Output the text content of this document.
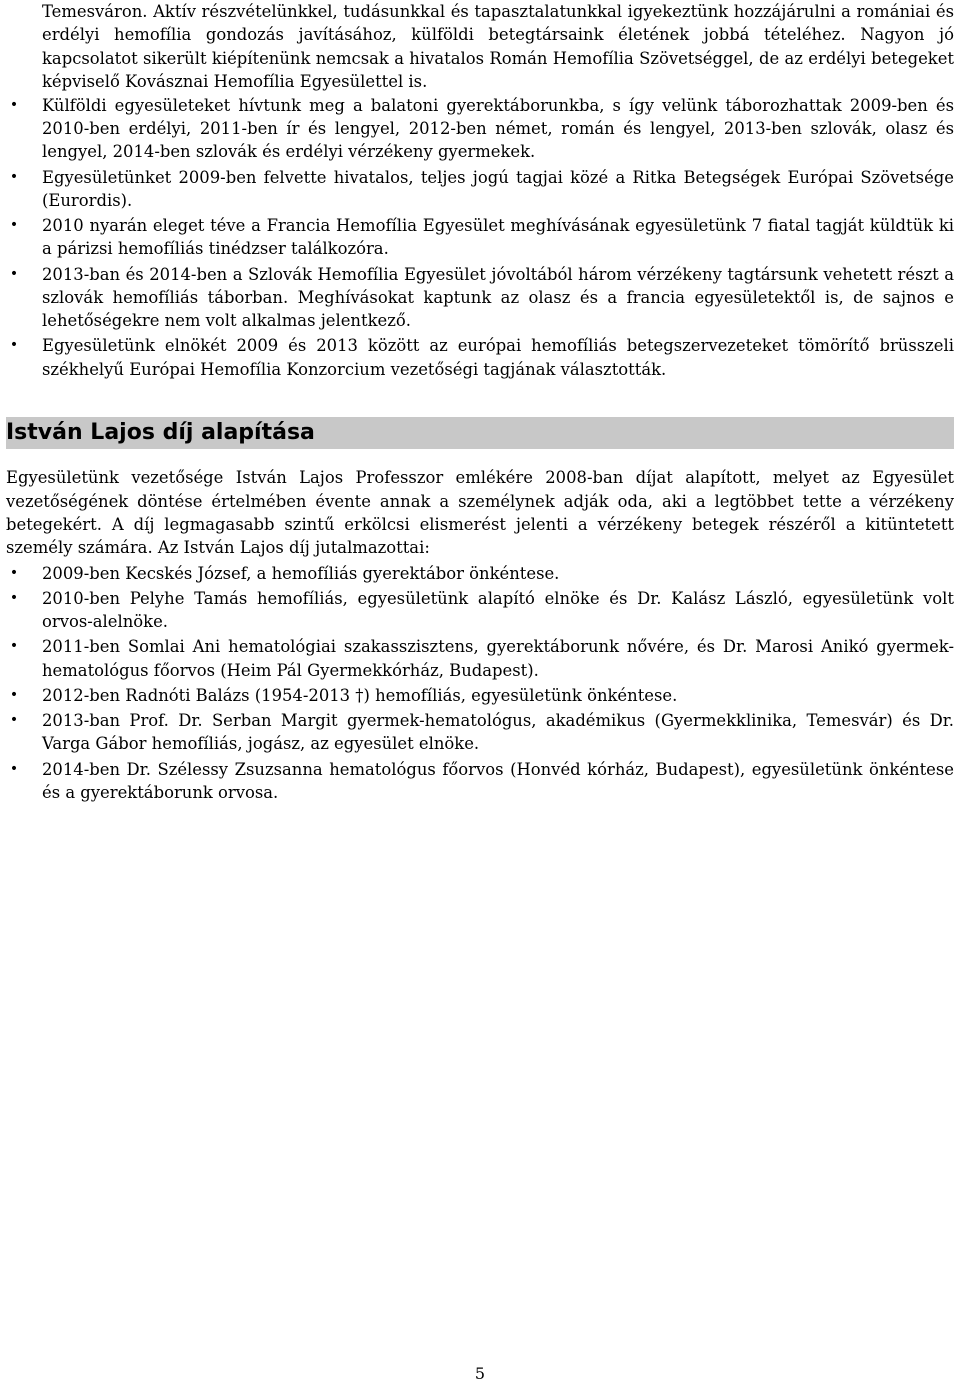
Temesváron. Aktív részvételünkkel, tudásunkkal és tapasztalatunkkal igyekeztünk hozzájárulni a romániai és erdélyi hemofília gondozás javításához, külföldi betegtársaink életének jobbá tételéhez. Nagyon jó kapcsolatot sikerült kiépítenünk nemcsak a hivatalos Román Hemofília Szövetséggel, de az erdélyi betegeket képviselő Kovásznai Hemofília Egyesülettel is.

• Külföldi egyesületeket hívtunk meg a balatoni gyerektáborunkba, s így velünk táborozhattak 2009-ben és 2010-ben erdélyi, 2011-ben ír és lengyel, 2012-ben német, román és lengyel, 2013-ben szlovák, olasz és lengyel, 2014-ben szlovák és erdélyi vérzékeny gyermekek.
• Egyesületünket 2009-ben felvette hivatalos, teljes jogú tagjai közé a Ritka Betegségek Európai Szövetsége (Eurordis).
• 2010 nyarán eleget téve a Francia Hemofília Egyesület meghívásának egyesületünk 7 fiatal tagját küldtük ki a párizsi hemofíliás tinédzser találkozóra.
• 2013-ban és 2014-ben a Szlovák Hemofília Egyesület jóvoltából három vérzékeny tagtársunk vehetett részt a szlovák hemofíliás táborban. Meghívásokat kaptunk az olasz és a francia egyesületektől is, de sajnos e lehetőségekre nem volt alkalmas jelentkező.
• Egyesületünk elnökét 2009 és 2013 között az európai hemofíliás betegszervezeteket tömörítő brüsszeli székhelyű Európai Hemofília Konzorcium vezetőségi tagjának választották.
István Lajos díj alapítása

Egyesületünk vezetősége István Lajos Professzor emlékére 2008-ban díjat alapított, melyet az Egyesület vezetőségének döntése értelmében évente annak a személynek adják oda, aki a legtöbbet tette a vérzékeny betegekért. A díj legmagasabb szintű erkölcsi elismerést jelenti a vérzékeny betegek részéről a kitüntetett személy számára. Az István Lajos díj jutalmazottai:

• 2009-ben Kecskés József, a hemofíliás gyerektábor önkéntese.
• 2010-ben Pelyhe Tamás hemofíliás, egyesületünk alapító elnöke és Dr. Kalász László, egyesületünk volt orvos-alelnöke.
• 2011-ben Somlai Ani hematológiai szakasszisztens, gyerektáborunk nővére, és Dr. Marosi Anikó gyermek-hematológus főorvos (Heim Pál Gyermekkórház, Budapest).
• 2012-ben Radnóti Balázs (1954-2013 †) hemofíliás, egyesületünk önkéntese.
• 2013-ban Prof. Dr. Serban Margit gyermek-hematológus, akadémikus (Gyermekklinika, Temesvár) és Dr. Varga Gábor hemofíliás, jogász, az egyesület elnöke.
• 2014-ben Dr. Szélessy Zsuzsanna hematológus főorvos (Honvéd kórház, Budapest), egyesületünk önkéntese és a gyerektáborunk orvosa.
5
